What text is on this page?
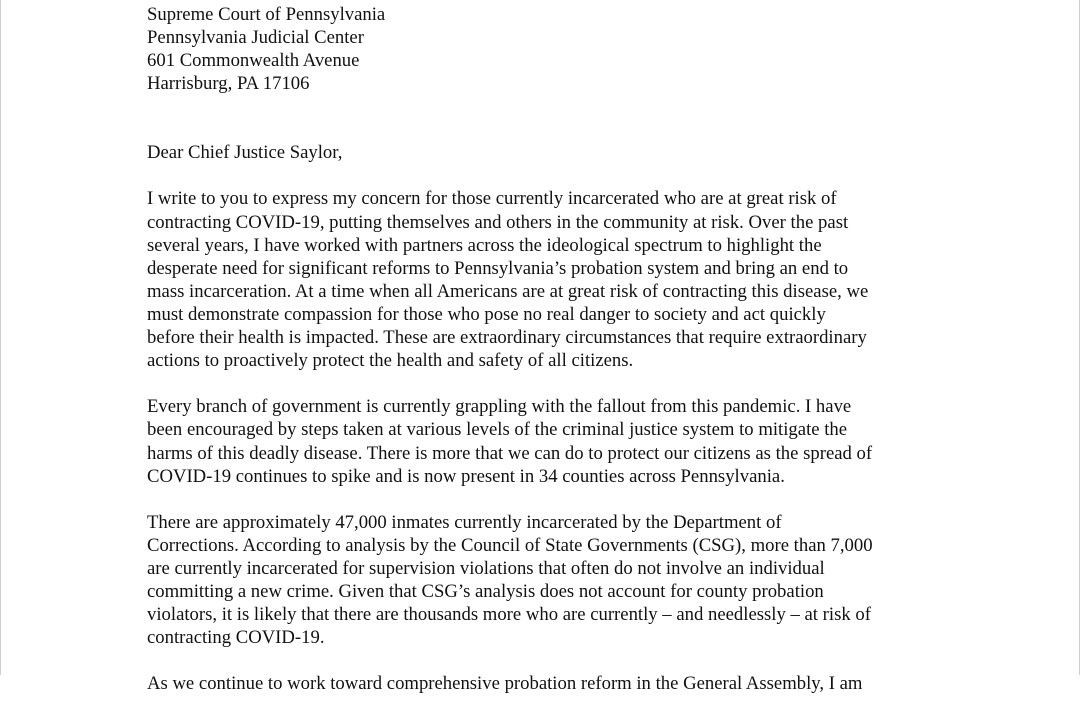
Supreme Court of Pennsylvania
Pennsylvania Judicial Center
601 Commonwealth Avenue
Harrisburg, PA 17106
Dear Chief Justice Saylor,
I write to you to express my concern for those currently incarcerated who are at great risk of
contracting COVID-19, putting themselves and others in the community at risk. Over the past
several years, I have worked with partners across the ideological spectrum to highlight the
desperate need for significant reforms to Pennsylvania’s probation system and bring an end to
mass incarceration. At a time when all Americans are at great risk of contracting this disease, we
must demonstrate compassion for those who pose no real danger to society and act quickly
before their health is impacted. These are extraordinary circumstances that require extraordinary
actions to proactively protect the health and safety of all citizens.
Every branch of government is currently grappling with the fallout from this pandemic. I have
been encouraged by steps taken at various levels of the criminal justice system to mitigate the
harms of this deadly disease. There is more that we can do to protect our citizens as the spread of
COVID-19 continues to spike and is now present in 34 counties across Pennsylvania.
There are approximately 47,000 inmates currently incarcerated by the Department of
Corrections. According to analysis by the Council of State Governments (CSG), more than 7,000
are currently incarcerated for supervision violations that often do not involve an individual
committing a new crime. Given that CSG’s analysis does not account for county probation
violators, it is likely that there are thousands more who are currently – and needlessly – at risk of
contracting COVID-19.
As we continue to work toward comprehensive probation reform in the General Assembly, I am
